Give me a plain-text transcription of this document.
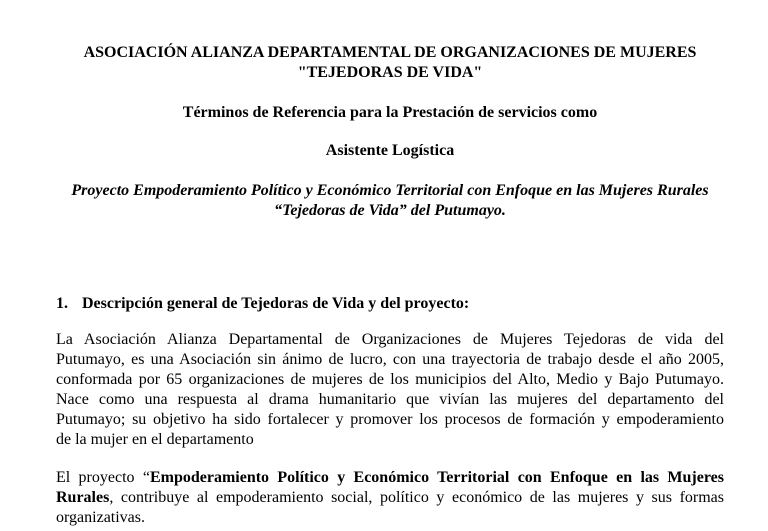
ASOCIACIÓN ALIANZA DEPARTAMENTAL DE ORGANIZACIONES DE MUJERES
"TEJEDORAS DE VIDA"
Términos de Referencia para la Prestación de servicios como
Asistente Logística
Proyecto Empoderamiento Político y Económico Territorial con Enfoque en las Mujeres Rurales
“Tejedoras de Vida” del Putumayo.
1. Descripción general de Tejedoras de Vida y del proyecto:
La Asociación Alianza Departamental de Organizaciones de Mujeres Tejedoras de vida del
Putumayo, es una Asociación sin ánimo de lucro, con una trayectoria de trabajo desde el año 2005,
conformada por 65 organizaciones de mujeres de los municipios del Alto, Medio y Bajo Putumayo.
Nace como una respuesta al drama humanitario que vivían las mujeres del departamento del
Putumayo; su objetivo ha sido fortalecer y promover los procesos de formación y empoderamiento
de la mujer en el departamento
El proyecto “Empoderamiento Político y Económico Territorial con Enfoque en las Mujeres
Rurales, contribuye al empoderamiento social, político y económico de las mujeres y sus formas
organizativas.
